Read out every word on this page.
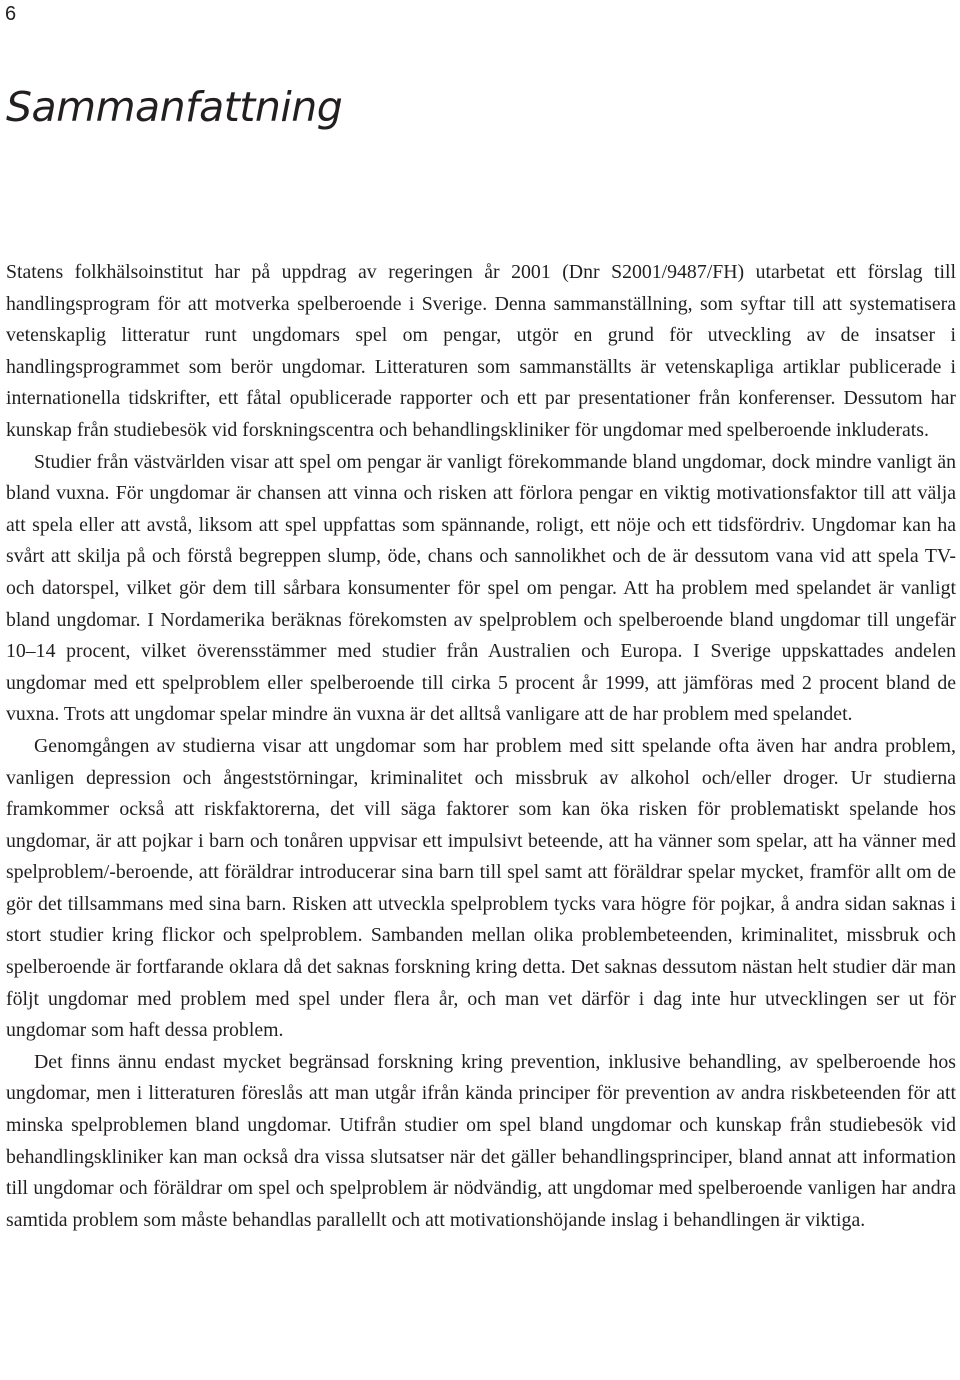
6
Sammanfattning

Statens folkhälsoinstitut har på uppdrag av regeringen år 2001 (Dnr S2001/9487/FH) utarbetat ett förslag till handlingsprogram för att motverka spelberoende i Sverige. Denna sammanställning, som syftar till att systematisera vetenskaplig litteratur runt ungdomars spel om pengar, utgör en grund för utveckling av de insatser i handlingsprogrammet som berör ungdomar. Litteraturen som sammanställts är vetenskapliga artiklar publicerade i internationella tidskrifter, ett fåtal opublicerade rapporter och ett par presentationer från konferenser. Dessutom har kunskap från studiebesök vid forskningscentra och behandlingskliniker för ungdomar med spelberoende inkluderats.

Studier från västvärlden visar att spel om pengar är vanligt förekommande bland ungdomar, dock mindre vanligt än bland vuxna. För ungdomar är chansen att vinna och risken att förlora pengar en viktig motivationsfaktor till att välja att spela eller att avstå, liksom att spel uppfattas som spännande, roligt, ett nöje och ett tidsfördriv. Ungdomar kan ha svårt att skilja på och förstå begreppen slump, öde, chans och sannolikhet och de är dessutom vana vid att spela TV- och datorspel, vilket gör dem till sårbara konsumenter för spel om pengar. Att ha problem med spelandet är vanligt bland ungdomar. I Nordamerika beräknas förekomsten av spelproblem och spelberoende bland ungdomar till ungefär 10–14 procent, vilket överensstämmer med studier från Australien och Europa. I Sverige uppskattades andelen ungdomar med ett spelproblem eller spelberoende till cirka 5 procent år 1999, att jämföras med 2 procent bland de vuxna. Trots att ungdomar spelar mindre än vuxna är det alltså vanligare att de har problem med spelandet.

Genomgången av studierna visar att ungdomar som har problem med sitt spelande ofta även har andra problem, vanligen depression och ångeststörningar, kriminalitet och missbruk av alkohol och/eller droger. Ur studierna framkommer också att riskfaktorerna, det vill säga faktorer som kan öka risken för problematiskt spelande hos ungdomar, är att pojkar i barn och tonåren uppvisar ett impulsivt beteende, att ha vänner som spelar, att ha vänner med spelproblem/-beroende, att föräldrar introducerar sina barn till spel samt att föräldrar spelar mycket, framför allt om de gör det tillsammans med sina barn. Risken att utveckla spelproblem tycks vara högre för pojkar, å andra sidan saknas i stort studier kring flickor och spelproblem. Sambanden mellan olika problembeteenden, kriminalitet, missbruk och spelberoende är fortfarande oklara då det saknas forskning kring detta. Det saknas dessutom nästan helt studier där man följt ungdomar med problem med spel under flera år, och man vet därför i dag inte hur utvecklingen ser ut för ungdomar som haft dessa problem.

Det finns ännu endast mycket begränsad forskning kring prevention, inklusive behandling, av spelberoende hos ungdomar, men i litteraturen föreslås att man utgår ifrån kända principer för prevention av andra riskbeteenden för att minska spelproblemen bland ungdomar. Utifrån studier om spel bland ungdomar och kunskap från studiebesök vid behandlingskliniker kan man också dra vissa slutsatser när det gäller behandlingsprinciper, bland annat att information till ungdomar och föräldrar om spel och spelproblem är nödvändig, att ungdomar med spelberoende vanligen har andra samtida problem som måste behandlas parallellt och att motivationshöjande inslag i behandlingen är viktiga.
